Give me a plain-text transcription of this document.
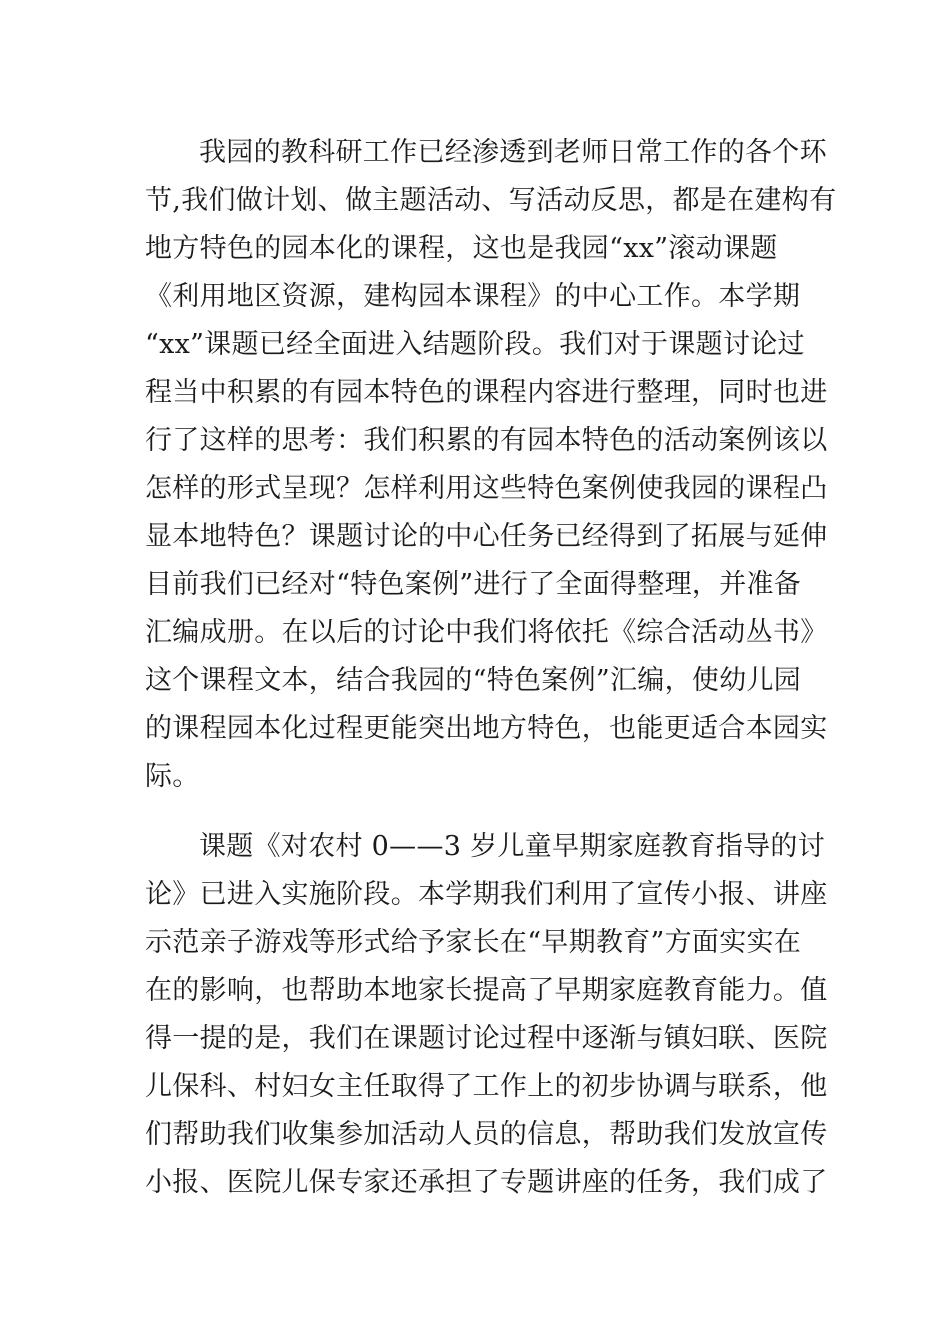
我园的教科研工作已经渗透到老师日常工作的各个环
节,我们做计划、做主题活动、写活动反思，都是在建构有
地方特色的园本化的课程，这也是我园“xx”滚动课题
《利用地区资源，建构园本课程》的中心工作。本学期
“xx”课题已经全面进入结题阶段。我们对于课题讨论过
程当中积累的有园本特色的课程内容进行整理，同时也进
行了这样的思考：我们积累的有园本特色的活动案例该以
怎样的形式呈现？怎样利用这些特色案例使我园的课程凸
显本地特色？课题讨论的中心任务已经得到了拓展与延伸
目前我们已经对“特色案例”进行了全面得整理，并准备
汇编成册。在以后的讨论中我们将依托《综合活动丛书》
这个课程文本，结合我园的“特色案例”汇编，使幼儿园
的课程园本化过程更能突出地方特色，也能更适合本园实
际。
课题《对农村 0——3 岁儿童早期家庭教育指导的讨
论》已进入实施阶段。本学期我们利用了宣传小报、讲座
示范亲子游戏等形式给予家长在“早期教育”方面实实在
在的影响，也帮助本地家长提高了早期家庭教育能力。值
得一提的是，我们在课题讨论过程中逐渐与镇妇联、医院
儿保科、村妇女主任取得了工作上的初步协调与联系，他
们帮助我们收集参加活动人员的信息，帮助我们发放宣传
小报、医院儿保专家还承担了专题讲座的任务，我们成了
